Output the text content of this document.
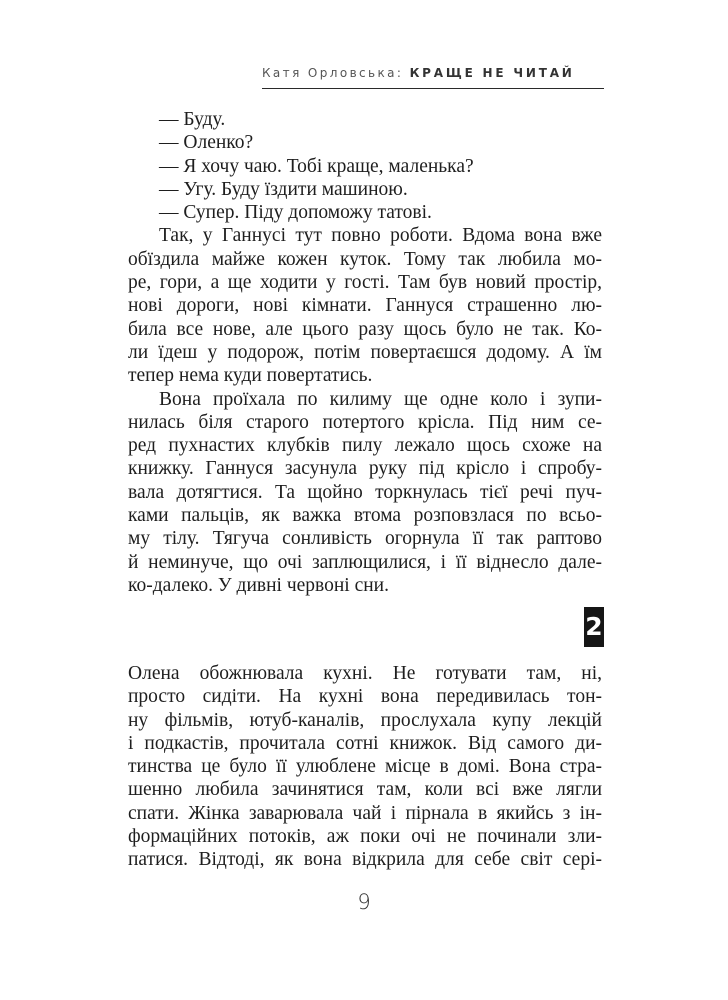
Катя Орловська: КРАЩЕ НЕ ЧИТАЙ
— Буду.
— Оленко?
— Я хочу чаю. Тобі краще, маленька?
— Угу. Буду їздити машиною.
— Супер. Піду допоможу татові.
Так, у Ганнусі тут повно роботи. Вдома вона вже
обїздила майже кожен куток. Тому так любила мо-
ре, гори, а ще ходити у гості. Там був новий простір,
нові дороги, нові кімнати. Ганнуся страшенно лю-
била все нове, але цього разу щось було не так. Ко-
ли їдеш у подорож, потім повертаєшся додому. А їм
тепер нема куди повертатись.
Вона проїхала по килиму ще одне коло і зупи-
нилась біля старого потертого крісла. Під ним се-
ред пухнастих клубків пилу лежало щось схоже на
книжку. Ганнуся засунула руку під крісло і спробу-
вала дотягтися. Та щойно торкнулась тієї речі пуч-
ками пальців, як важка втома розповзлася по всьо-
му тілу. Тягуча сонливість огорнула її так раптово
й неминуче, що очі заплющилися, і її віднесло дале-
ко-далеко. У дивні червоні сни.
2
Олена обожнювала кухні. Не готувати там, ні,
просто сидіти. На кухні вона передивилась тон-
ну фільмів, ютуб-каналів, прослухала купу лекцій
і подкастів, прочитала сотні книжок. Від самого ди-
тинства це було її улюблене місце в домі. Вона стра-
шенно любила зачинятися там, коли всі вже лягли
спати. Жінка заварювала чай і пірнала в якийсь з ін-
формаційних потоків, аж поки очі не починали зли-
патися. Відтоді, як вона відкрила для себе світ сері-
9
